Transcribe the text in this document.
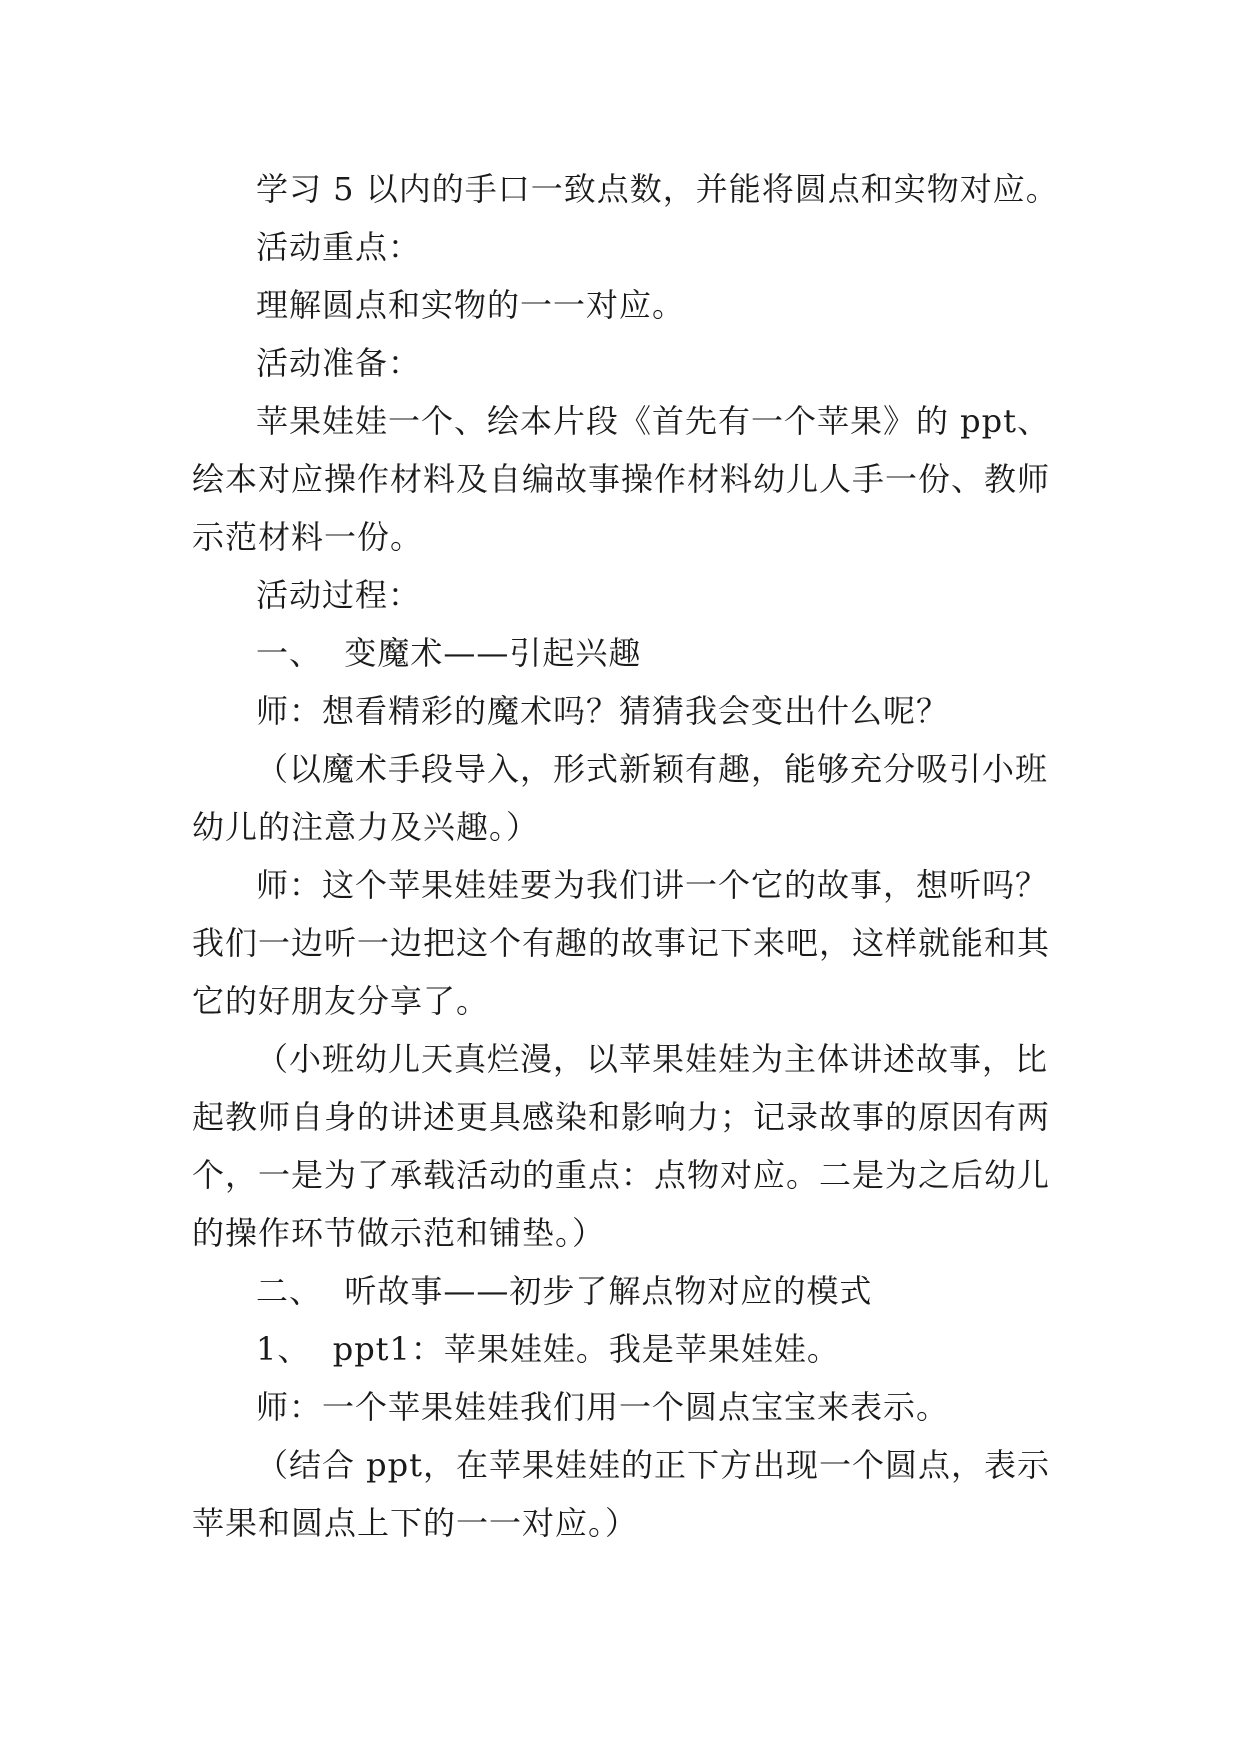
学习 5 以内的手口一致点数，并能将圆点和实物对应。
活动重点：
理解圆点和实物的一一对应。
活动准备：
苹果娃娃一个、绘本片段《首先有一个苹果》的 ppt、
绘本对应操作材料及自编故事操作材料幼儿人手一份、教师
示范材料一份。
活动过程：
一、  变魔术——引起兴趣
师：想看精彩的魔术吗？猜猜我会变出什么呢？
（以魔术手段导入，形式新颖有趣，能够充分吸引小班
幼儿的注意力及兴趣。）
师：这个苹果娃娃要为我们讲一个它的故事，想听吗？
我们一边听一边把这个有趣的故事记下来吧，这样就能和其
它的好朋友分享了。
（小班幼儿天真烂漫，以苹果娃娃为主体讲述故事，比
起教师自身的讲述更具感染和影响力；记录故事的原因有两
个，一是为了承载活动的重点：点物对应。二是为之后幼儿
的操作环节做示范和铺垫。）
二、  听故事——初步了解点物对应的模式
1、  ppt1：苹果娃娃。我是苹果娃娃。
师：一个苹果娃娃我们用一个圆点宝宝来表示。
（结合 ppt，在苹果娃娃的正下方出现一个圆点，表示
苹果和圆点上下的一一对应。）
